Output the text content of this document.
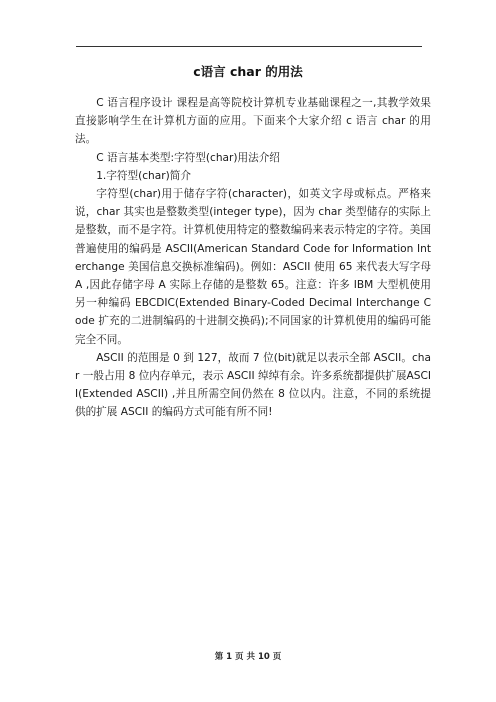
c语言 char 的用法

C 语言程序设计 课程是高等院校计算机专业基础课程之一,其教学效果直接影响学生在计算机方面的应用。下面来个大家介绍 c 语言 char 的用法。

C 语言基本类型:字符型(char)用法介绍

1.字符型(char)简介

字符型(char)用于储存字符(character)，如英文字母或标点。严格来说，char 其实也是整数类型(integer type)，因为 char 类型储存的实际上是整数，而不是字符。计算机使用特定的整数编码来表示特定的字符。美国普遍使用的编码是 ASCII(American Standard Code for Information Interchange 美国信息交换标准编码)。例如：ASCII 使用 65 来代表大写字母 A ,因此存储字母 A 实际上存储的是整数 65。注意：许多 IBM 大型机使用另一种编码 EBCDIC(Extended Binary-Coded Decimal Interchange Code 扩充的二进制编码的十进制交换码);不同国家的计算机使用的编码可能完全不同。

ASCII 的范围是 0 到 127，故而 7 位(bit)就足以表示全部 ASCII。char 一般占用 8 位内存单元，表示 ASCII 绰绰有余。许多系统都提供扩展ASCII(Extended ASCII) ,并且所需空间仍然在 8 位以内。注意，不同的系统提供的扩展 ASCII 的编码方式可能有所不同!

第 1 页 共 10 页
